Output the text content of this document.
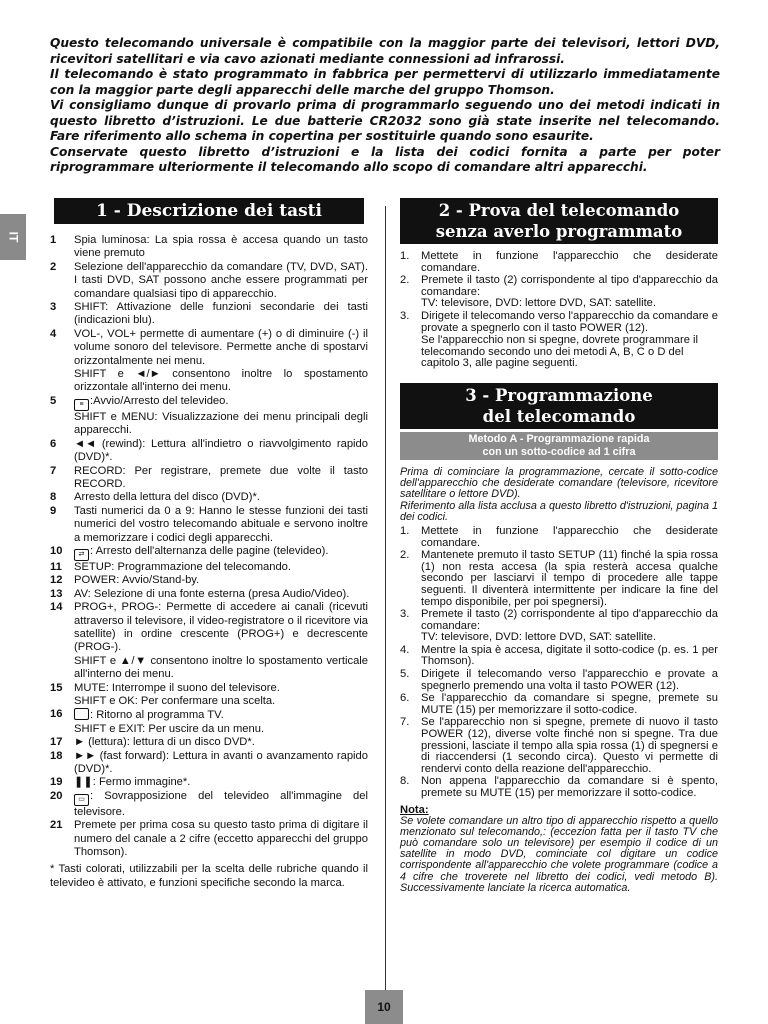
Questo telecomando universale è compatibile con la maggior parte dei televisori, lettori DVD, ricevitori satellitari e via cavo azionati mediante connessioni ad infrarossi.

Il telecomando è stato programmato in fabbrica per permettervi di utilizzarlo immediatamente con la maggior parte degli apparecchi delle marche del gruppo Thomson.

Vi consigliamo dunque di provarlo prima di programmarlo seguendo uno dei metodi indicati in questo libretto d’istruzioni. Le due batterie CR2032 sono già state inserite nel telecomando. Fare riferimento allo schema in copertina per sostituirle quando sono esaurite.

Conservate questo libretto d’istruzioni e la lista dei codici fornita a parte per poter riprogrammare ulteriormente il telecomando allo scopo di comandare altri apparecchi.

IT
1 - Descrizione dei tasti
1	Spia luminosa: La spia rossa è accesa quando un tasto viene premuto

2	Selezione dell'apparecchio da comandare (TV, DVD, SAT). I tasti DVD, SAT possono anche essere programmati per comandare qualsiasi tipo di apparecchio.

3	SHIFT: Attivazione delle funzioni secondarie dei tasti (indicazioni blu).

4	VOL-, VOL+ permette di aumentare (+) o di diminuire (-) il volume sonoro del televisore. Permette anche di spostarvi orizzontalmente nei menu.

SHIFT e ◄/► consentono inoltre lo spostamento orizzontale all'interno dei menu.

5	≡ :Avvio/Arresto del televideo.

SHIFT e MENU: Visualizzazione dei menu principali degli apparecchi.

6	◄◄ (rewind): Lettura all'indietro o riavvolgimento rapido (DVD)*.

7	RECORD: Per registrare, premete due volte il tasto RECORD.

8	Arresto della lettura del disco (DVD)*.

9	Tasti numerici da 0 a 9: Hanno le stesse funzioni dei tasti numerici del vostro telecomando abituale e servono inoltre a memorizzare i codici degli apparecchi.

10	⇄ : Arresto dell'alternanza delle pagine (televideo).

11	SETUP: Programmazione del telecomando.

12	POWER: Avvio/Stand-by.

13	AV: Selezione di una fonte esterna (presa Audio/Video).

14	PROG+, PROG-: Permette di accedere ai canali (ricevuti attraverso il televisore, il video-registratore o il ricevitore via satellite) in ordine crescente (PROG+) e decrescente (PROG-).

SHIFT e ▲/▼ consentono inoltre lo spostamento verticale all'interno dei menu.

15	MUTE: Interrompe il suono del televisore.

SHIFT e OK: Per confermare una scelta.

16	: Ritorno al programma TV.

SHIFT e EXIT: Per uscire da un menu.

17	► (lettura): lettura di un disco DVD*.

18	►► (fast forward): Lettura in avanti o avanzamento rapido (DVD)*.

19	❚❚: Fermo immagine*.

20	▭ : Sovrapposizione del televideo all'immagine del televisore.

21	Premete per prima cosa su questo tasto prima di digitare il numero del canale a 2 cifre (eccetto apparecchi del gruppo Thomson).

* Tasti colorati, utilizzabili per la scelta delle rubriche quando il televideo è attivato, e funzioni specifiche secondo la marca.
2 - Prova del telecomando
senza averlo programmato
1.	Mettete in funzione l'apparecchio che desiderate comandare.

2.	Premete il tasto (2) corrispondente al tipo d'apparecchio da comandare:

TV: televisore, DVD: lettore DVD, SAT: satellite.

3.	Dirigete il telecomando verso l'apparecchio da comandare e provate a spegnerlo con il tasto POWER (12).

Se l'apparecchio non si spegne, dovrete programmare il telecomando secondo uno dei metodi A, B, C o D del capitolo 3, alle pagine seguenti.
3 - Programmazione
del telecomando
Metodo A - Programmazione rapida
con un sotto-codice ad 1 cifra

Prima di cominciare la programmazione, cercate il sotto-codice dell'apparecchio che desiderate comandare (televisore, ricevitore satellitare o lettore DVD).

Riferimento alla lista acclusa a questo libretto d'istruzioni, pagina 1 dei codici.

1.	Mettete in funzione l'apparecchio che desiderate comandare.

2.	Mantenete premuto il tasto SETUP (11) finché la spia rossa (1) non resta accesa (la spia resterà accesa qualche secondo per lasciarvi il tempo di procedere alle tappe seguenti. Il diventerà intermittente per indicare la fine del tempo disponibile, per poi spegnersi).

3.	Premete il tasto (2) corrispondente al tipo d'apparecchio da comandare:

TV: televisore, DVD: lettore DVD, SAT: satellite.

4.	Mentre la spia è accesa, digitate il sotto-codice (p. es. 1 per Thomson).

5.	Dirigete il telecomando verso l'apparecchio e provate a spegnerlo premendo una volta il tasto POWER (12).

6.	Se l'apparecchio da comandare si spegne, premete su MUTE (15) per memorizzare il sotto-codice.

7.	Se l'apparecchio non si spegne, premete di nuovo il tasto POWER (12), diverse volte finché non si spegne. Tra due pressioni, lasciate il tempo alla spia rossa (1) di spegnersi e di riaccendersi (1 secondo circa). Questo vi permette di rendervi conto della reazione dell'apparecchio.

8.	Non appena l'apparecchio da comandare si è spento, premete su MUTE (15) per memorizzare il sotto-codice.

Nota:
Se volete comandare un altro tipo di apparecchio rispetto a quello menzionato sul telecomando,: (eccezion fatta per il tasto TV che può comandare solo un televisore) per esempio il codice di un satellite in modo DVD, cominciate col digitare un codice corrispondente all'apparecchio che volete programmare (codice a 4 cifre che troverete nel libretto dei codici, vedi metodo B). Successivamente lanciate la ricerca automatica.
10
